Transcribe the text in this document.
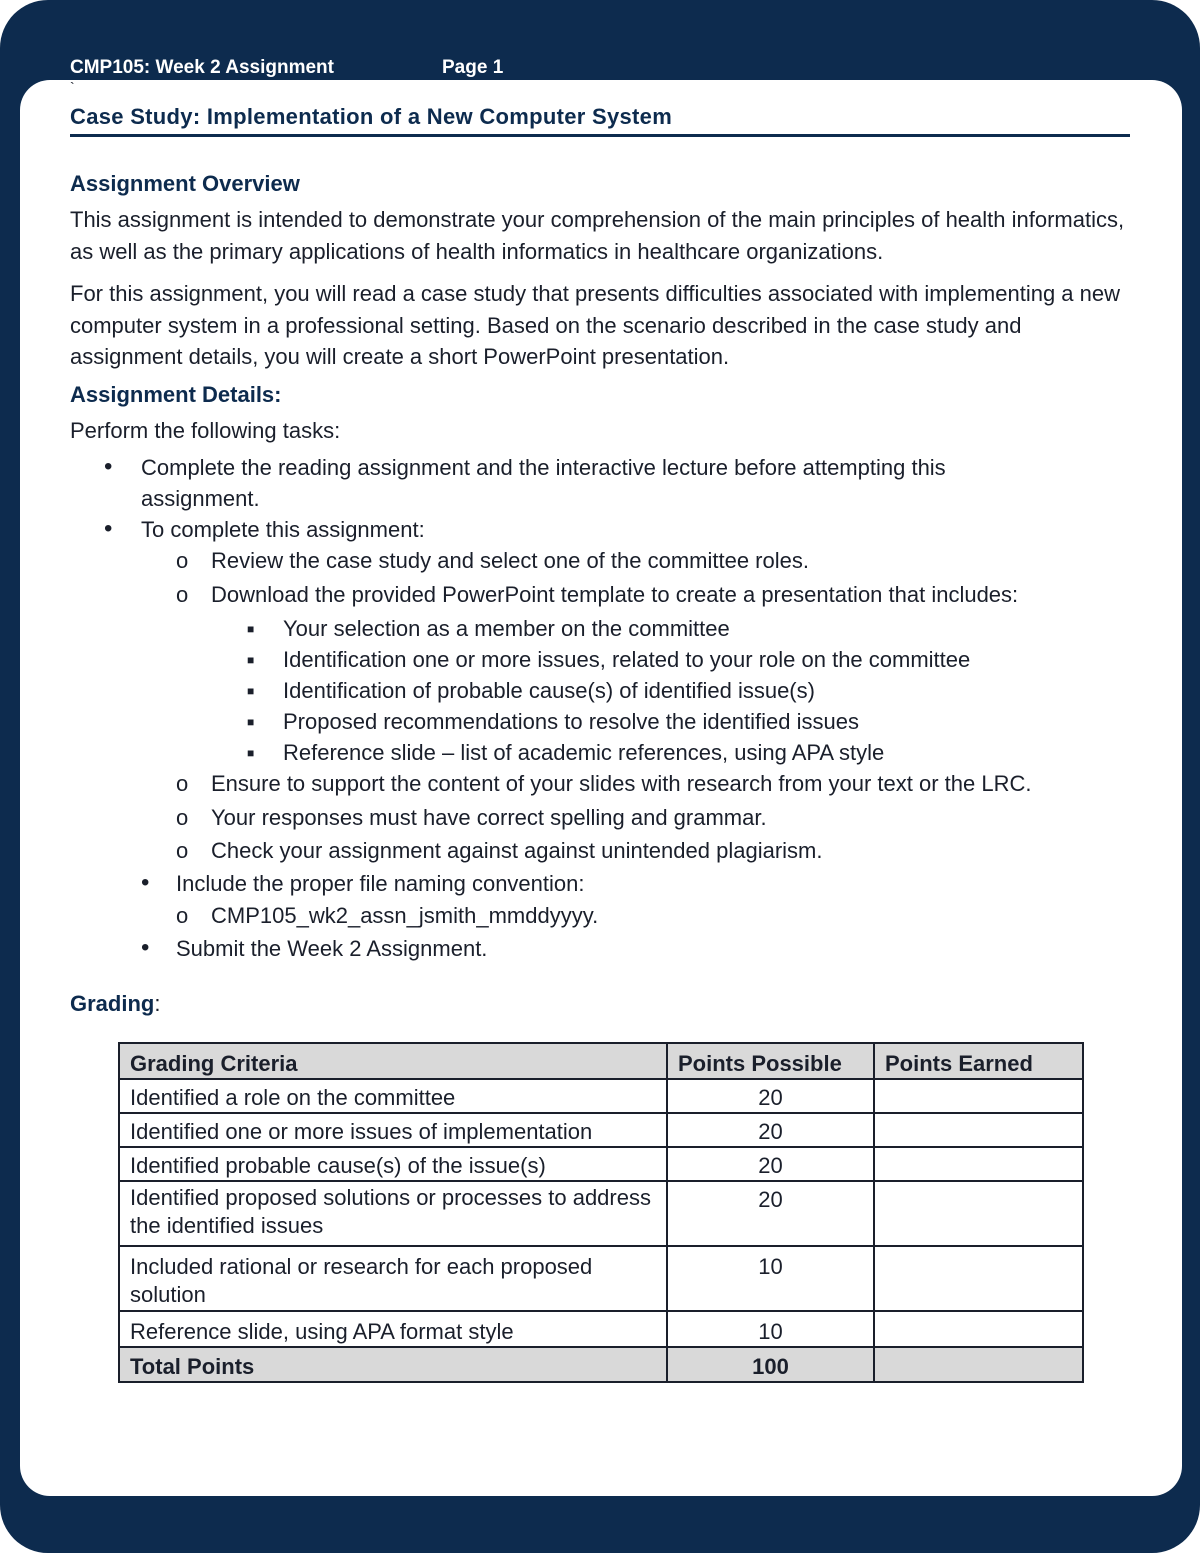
CMP105: Week 2 Assignment	Page 1
`
Case Study: Implementation of a New Computer System
Assignment Overview
This assignment is intended to demonstrate your comprehension of the main principles of health informatics, as well as the primary applications of health informatics in healthcare organizations.
For this assignment, you will read a case study that presents difficulties associated with implementing a new computer system in a professional setting. Based on the scenario described in the case study and assignment details, you will create a short PowerPoint presentation.
Assignment Details:
Perform the following tasks:
• Complete the reading assignment and the interactive lecture before attempting this
assignment.
• To complete this assignment:
o Review the case study and select one of the committee roles.
o Download the provided PowerPoint template to create a presentation that includes:
■ Your selection as a member on the committee
■ Identification one or more issues, related to your role on the committee
■ Identification of probable cause(s) of identified issue(s)
■ Proposed recommendations to resolve the identified issues
■ Reference slide – list of academic references, using APA style
o Ensure to support the content of your slides with research from your text or the LRC.
o Your responses must have correct spelling and grammar.
o Check your assignment against against unintended plagiarism.
• Include the proper file naming convention:
o CMP105_wk2_assn_jsmith_mmddyyyy.
• Submit the Week 2 Assignment.
Grading:
Grading Criteria	Points Possible	Points Earned
Identified a role on the committee	20	
Identified one or more issues of implementation	20	
Identified probable cause(s) of the issue(s)	20	
Identified proposed solutions or processes to address the identified issues	20	
Included rational or research for each proposed solution	10	
Reference slide, using APA format style	10	
Total Points	100	
